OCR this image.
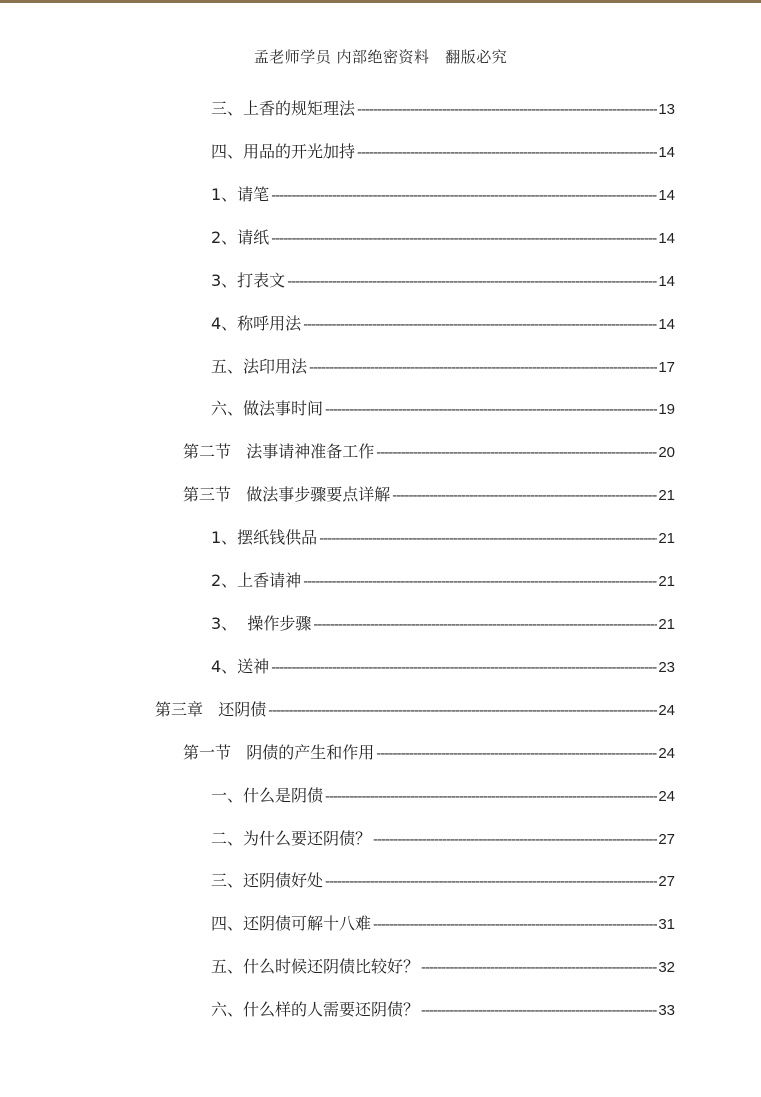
孟老师学员 内部绝密资料   翻版必究
三、上香的规矩理法 -----	13
四、用品的开光加持 -----	14
1、请笔 -----	14
2、请纸 -----	14
3、打表文 -----	14
4、称呼用法 -----	14
五、法印用法 -----	17
六、做法事时间 -----	19
第二节   法事请神准备工作 -----	20
第三节   做法事步骤要点详解 -----	21
1、摆纸钱供品 -----	21
2、上香请神 -----	21
3、  操作步骤 -----	21
4、送神 -----	23
第三章   还阴债 -----	24
第一节   阴债的产生和作用 -----	24
一、什么是阴债 -----	24
二、为什么要还阴债？ -----	27
三、还阴债好处 -----	27
四、还阴债可解十八难 -----	31
五、什么时候还阴债比较好？ -----	32
六、什么样的人需要还阴债？ -----	33
